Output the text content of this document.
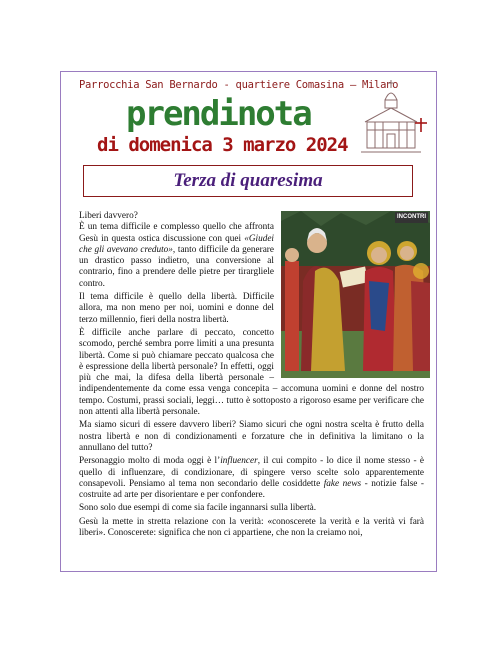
Parrocchia San Bernardo - quartiere Comasina – Milano
prendinota
di domenica 3 marzo 2024
Terza di quaresima
INCONTRI

Liberi davvero?
È un tema difficile e complesso quello che affronta Gesù in questa ostica discussione con quei «Giudei che gli avevano creduto», tanto difficile da generare un drastico passo indietro, una conversione al contrario, fino a prendere delle pietre per tirargliele contro.

Il tema difficile è quello della libertà. Difficile allora, ma non meno per noi, uomini e donne del terzo millennio, fieri della nostra libertà.

È difficile anche parlare di peccato, concetto scomodo, perché sembra porre limiti a una presunta libertà. Come si può chiamare peccato qualcosa che è espressione della libertà personale? In effetti, oggi più che mai, la difesa della libertà personale – indipendentemente da come essa venga concepita – accomuna uomini e donne del nostro tempo. Costumi, prassi sociali, leggi… tutto è sottoposto a rigoroso esame per verificare che non attenti alla libertà personale.

Ma siamo sicuri di essere davvero liberi? Siamo sicuri che ogni nostra scelta è frutto della nostra libertà e non di condizionamenti e forzature che in definitiva la limitano o la annullano del tutto?

Personaggio molto di moda oggi è l’influencer, il cui compito - lo dice il nome stesso - è quello di influenzare, di condizionare, di spingere verso scelte solo apparentemente consapevoli. Pensiamo al tema non secondario delle cosiddette fake news - notizie false - costruite ad arte per disorientare e per confondere.

Sono solo due esempi di come sia facile ingannarsi sulla libertà.

Gesù la mette in stretta relazione con la verità: «conoscerete la verità e la verità vi farà liberi». Conoscerete: significa che non ci appartiene, che non la creiamo noi,
